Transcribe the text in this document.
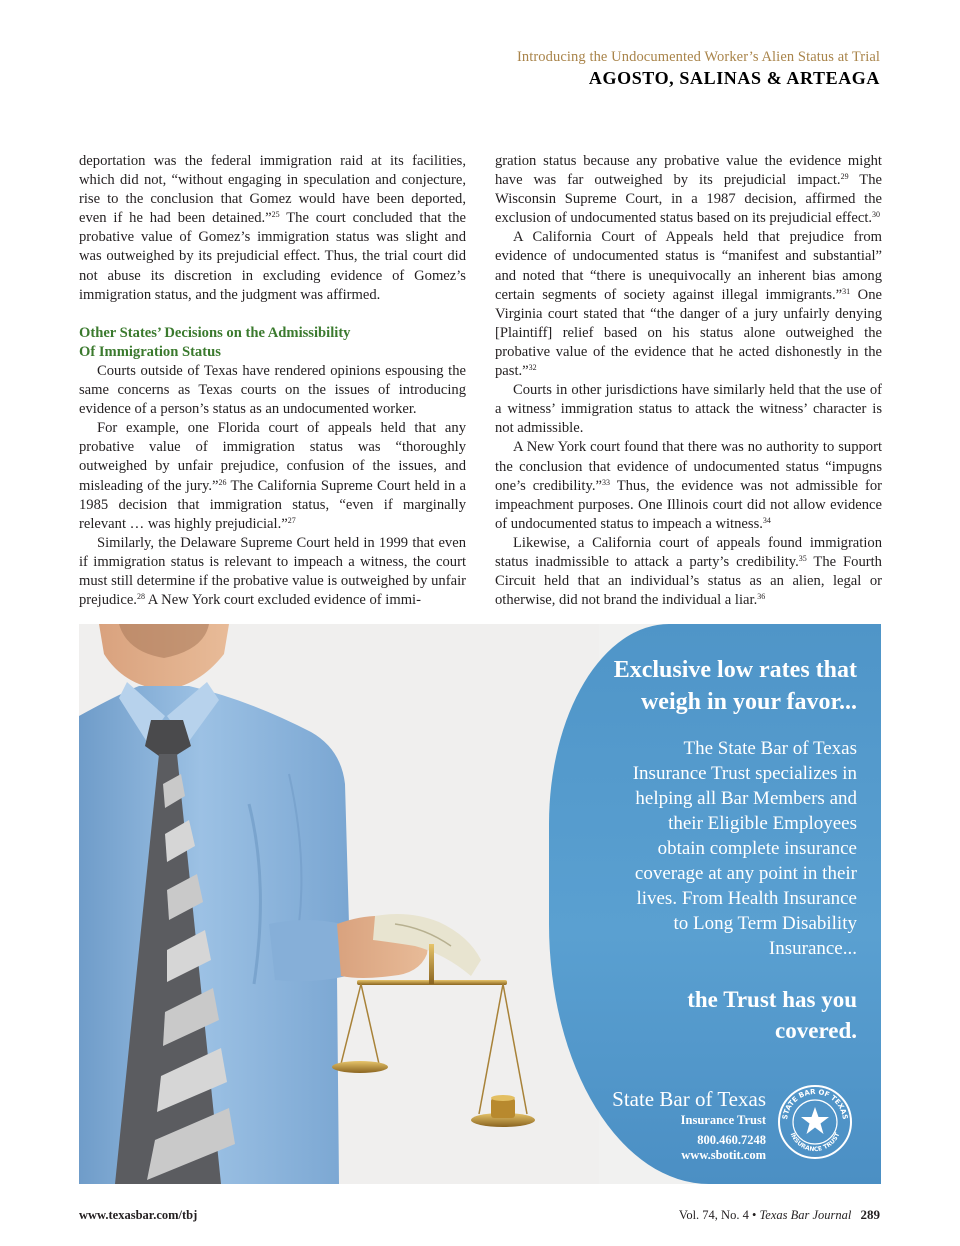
Introducing the Undocumented Worker’s Alien Status at Trial
AGOSTO, SALINAS & ARTEAGA

deportation was the federal immigration raid at its facilities, which did not, “without engaging in speculation and conjecture, rise to the conclusion that Gomez would have been deported, even if he had been detained.”$^{25}$ The court concluded that the probative value of Gomez’s immigration status was slight and was outweighed by its prejudicial effect. Thus, the trial court did not abuse its discretion in excluding evidence of Gomez’s immigration status, and the judgment was affirmed.

Other States’ Decisions on the Admissibility
Of Immigration Status

Courts outside of Texas have rendered opinions espousing the same concerns as Texas courts on the issues of introducing evidence of a person’s status as an undocumented worker.

For example, one Florida court of appeals held that any probative value of immigration status was “thoroughly outweighed by unfair prejudice, confusion of the issues, and misleading of the jury.”$^{26}$ The California Supreme Court held in a 1985 decision that immigration status, “even if marginally relevant … was highly prejudicial.”$^{27}$

Similarly, the Delaware Supreme Court held in 1999 that even if immigration status is relevant to impeach a witness, the court must still determine if the probative value is outweighed by unfair prejudice.$^{28}$ A New York court excluded evidence of immi-

gration status because any probative value the evidence might have was far outweighed by its prejudicial impact.$^{29}$ The Wisconsin Supreme Court, in a 1987 decision, affirmed the exclusion of undocumented status based on its prejudicial effect.$^{30}$

A California Court of Appeals held that prejudice from evidence of undocumented status is “manifest and substantial” and noted that “there is unequivocally an inherent bias among certain segments of society against illegal immigrants.”$^{31}$ One Virginia court stated that “the danger of a jury unfairly denying [Plaintiff] relief based on his status alone outweighed the probative value of the evidence that he acted dishonestly in the past.”$^{32}$

Courts in other jurisdictions have similarly held that the use of a witness’ immigration status to attack the witness’ character is not admissible.

A New York court found that there was no authority to support the conclusion that evidence of undocumented status “impugns one’s credibility.”$^{33}$ Thus, the evidence was not admissible for impeachment purposes. One Illinois court did not allow evidence of undocumented status to impeach a witness.$^{34}$

Likewise, a California court of appeals found immigration status inadmissible to attack a party’s credibility.$^{35}$ The Fourth Circuit held that an individual’s status as an alien, legal or otherwise, did not brand the individual a liar.$^{36}$

Exclusive low rates that
weigh in your favor...
The State Bar of Texas
Insurance Trust specializes in
helping all Bar Members and
their Eligible Employees
obtain complete insurance
coverage at any point in their
lives. From Health Insurance
to Long Term Disability
Insurance...
the Trust has you
covered.
State Bar of Texas
Insurance Trust
800.460.7248
www.sbotit.com
STATE BAR OF TEXAS
INSURANCE TRUST
www.texasbar.com/tbj	Vol. 74, No. 4 • Texas Bar Journal 289
